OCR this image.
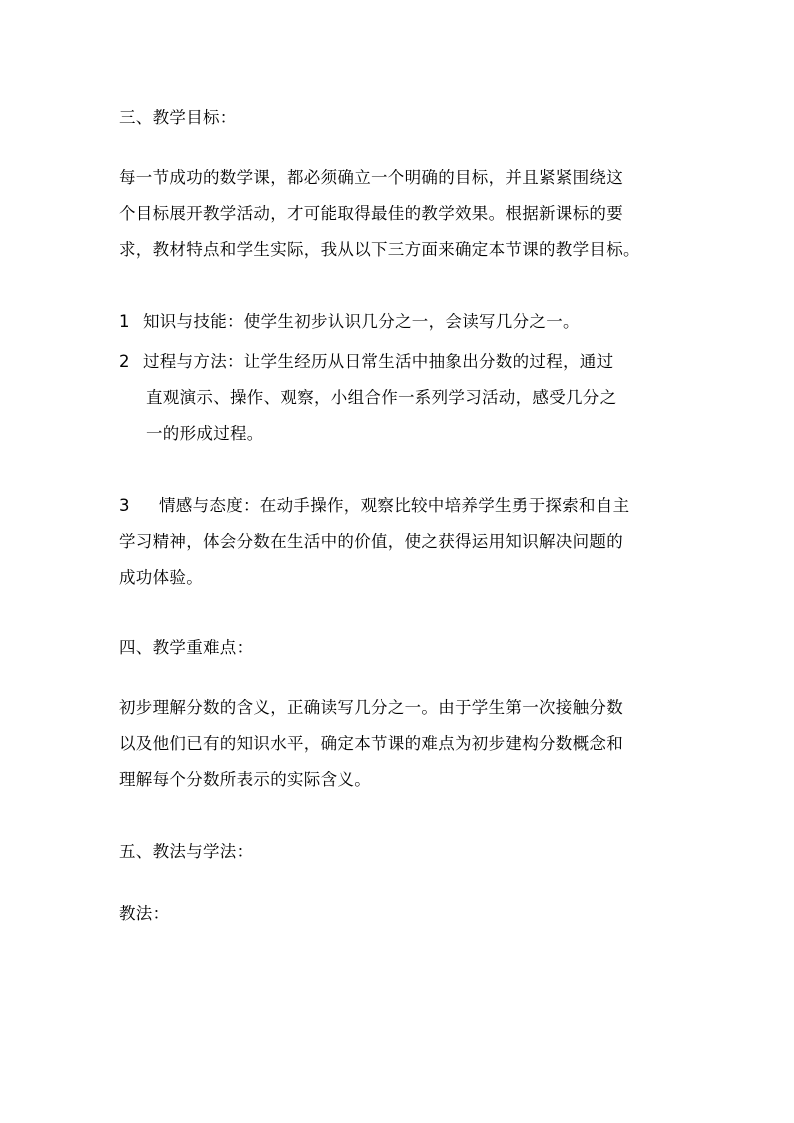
三、教学目标：

每一节成功的数学课，都必须确立一个明确的目标，并且紧紧围绕这
个目标展开教学活动，才可能取得最佳的教学效果。根据新课标的要
求，教材特点和学生实际，我从以下三方面来确定本节课的教学目标。
1 知识与技能：使学生初步认识几分之一，会读写几分之一。
2 过程与方法：让学生经历从日常生活中抽象出分数的过程，通过
直观演示、操作、观察，小组合作一系列学习活动，感受几分之
一的形成过程。
3 情感与态度：在动手操作，观察比较中培养学生勇于探索和自主
学习精神，体会分数在生活中的价值，使之获得运用知识解决问题的
成功体验。

四、教学重难点：

初步理解分数的含义，正确读写几分之一。由于学生第一次接触分数
以及他们已有的知识水平，确定本节课的难点为初步建构分数概念和
理解每个分数所表示的实际含义。

五、教法与学法：

教法：
